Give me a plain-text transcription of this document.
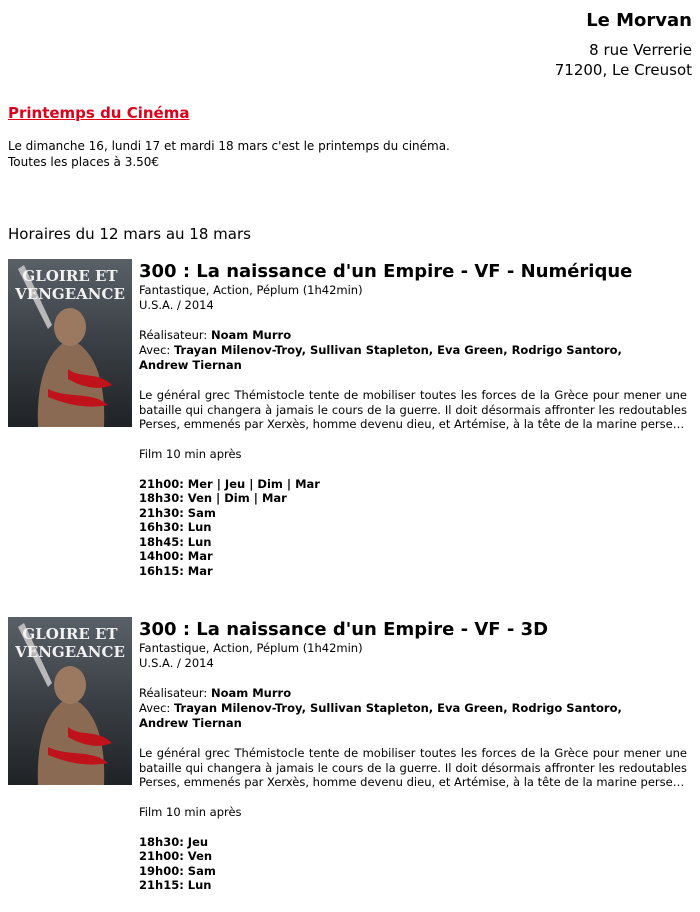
Le Morvan
8 rue Verrerie
71200, Le Creusot
Printemps du Cinéma
Le dimanche 16, lundi 17 et mardi 18 mars c'est le printemps du cinéma.
Toutes les places à 3.50€
Horaires du 12 mars au 18 mars
GLOIRE ET
VENGEANCE
300 : La naissance d'un Empire - VF - Numérique
Fantastique, Action, Péplum (1h42min)
U.S.A. / 2014
Réalisateur: Noam Murro
Avec: Trayan Milenov-Troy, Sullivan Stapleton, Eva Green, Rodrigo Santoro,
Andrew Tiernan
Le général grec Thémistocle tente de mobiliser toutes les forces de la Grèce pour mener une bataille qui changera à jamais le cours de la guerre. Il doit désormais affronter les redoutables Perses, emmenés par Xerxès, homme devenu dieu, et Artémise, à la tête de la marine perse…
Film 10 min après
21h00: Mer | Jeu | Dim | Mar
18h30: Ven | Dim | Mar
21h30: Sam
16h30: Lun
18h45: Lun
14h00: Mar
16h15: Mar
GLOIRE ET
VENGEANCE
300 : La naissance d'un Empire - VF - 3D
Fantastique, Action, Péplum (1h42min)
U.S.A. / 2014
Réalisateur: Noam Murro
Avec: Trayan Milenov-Troy, Sullivan Stapleton, Eva Green, Rodrigo Santoro,
Andrew Tiernan
Le général grec Thémistocle tente de mobiliser toutes les forces de la Grèce pour mener une bataille qui changera à jamais le cours de la guerre. Il doit désormais affronter les redoutables Perses, emmenés par Xerxès, homme devenu dieu, et Artémise, à la tête de la marine perse…
Film 10 min après
18h30: Jeu
21h00: Ven
19h00: Sam
21h15: Lun
